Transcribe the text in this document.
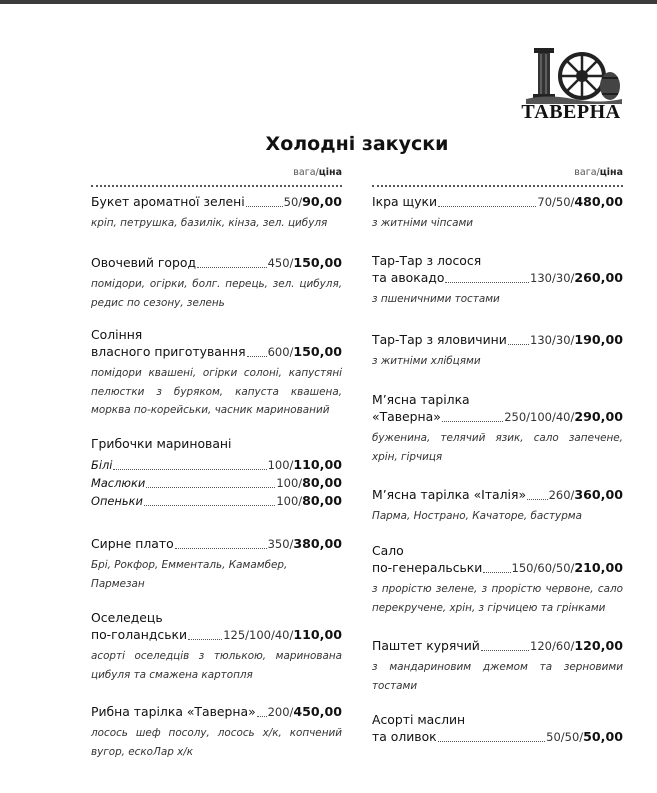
ТАВЕРНА
Холодні закуски
вага/ціна
Букет ароматної зелені	50/90,00
кріп, петрушка, базилік, кінза, зел. цибуля
Овочевий город	450/150,00
помідори, огірки, болг. перець, зел. цибуля, редис по сезону, зелень
Соління
власного приготування 600/150,00
помідори квашені, огірки солоні, капустяні пелюстки з буряком, капуста квашена, морква по-корейськи, часник маринований
Грибочки мариновані
Білі	100/110,00
Маслюки	100/80,00
Опеньки	100/80,00
Сирне плато	350/380,00
Брі, Рокфор, Емменталь, Камамбер, Пармезан
Оселедець
по-голандськи	125/100/40/110,00
асорті оселедців з тюлькою, маринована цибуля та смажена картопля
Рибна тарілка «Таверна» 200/450,00
лосось шеф посолу, лосось х/к, копчений вугор, ескоЛар х/к
вага/ціна
Ікра щуки	70/50/480,00
з житніми чіпсами
Тар-Тар з лосося
та авокадо	130/30/260,00
з пшеничними тостами
Тар-Тар з яловичини 130/30/190,00
з житніми хлібцями
М’ясна тарілка
«Таверна»	250/100/40/290,00
буженина, телячий язик, сало запечене, хрін, гірчиця
М’ясна тарілка «Італія» 260/360,00
Парма, Нострано, Качаторе, бастурма
Сало
по-генеральськи	150/60/50/210,00
з прорістю зелене, з прорістю червоне, сало перекручене, хрін, з гірчицею та грінками
Паштет курячий	120/60/120,00
з мандариновим джемом та зерновими тостами
Асорті маслин
та оливок	50/50/50,00
